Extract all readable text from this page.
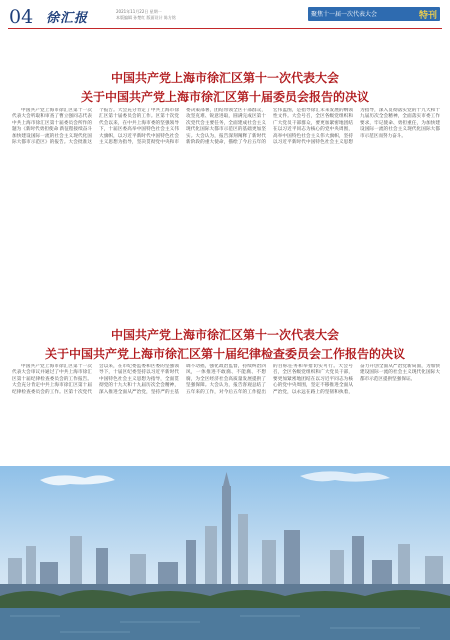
04 徐汇报	2021年11月22日 星期一
本版编辑 孙楚红 版面设计 陈方铭	聚焦十一届一次代表大会	特刊
中国共产党上海市徐汇区第十一次代表大会
关于中国共产党上海市徐汇区第十届委员会报告的决议

中国共产党上海市徐汇区第十一次代表大会听取和审查了曹立强同志代表中共上海市徐汇区第十届委员会所作的题为《新时代勇担使命 新征程接续奋斗 加快建设国际一流的社会主义现代化国际大都市示范区》的报告。大会批准这个报告。大会充分肯定了中共上海市徐汇区第十届委员会的工作。区第十次党代会以来，在中共上海市委的坚强领导下，十届区委高举中国特色社会主义伟大旗帜，以习近平新时代中国特色社会主义思想为指导，坚决贯彻党中央和市委决策部署，团结带领全区干部群众，攻坚克难、锐意进取，圆满完成区第十次党代会主要任务，全面建成社会主义现代化国际大都市示范区的基础更加坚实。大会认为，报告深刻阐释了新时代新阶段的重大使命，描绘了今后五年的宏伟蓝图，是指导徐汇未来发展的纲领性文件。大会号召，全区各级党组织和广大党员干部群众，要更加紧密地团结在以习近平同志为核心的党中央周围，高举中国特色社会主义伟大旗帜，坚持以习近平新时代中国特色社会主义思想为指导，深入贯彻落实党的十九大和十九届历次全会精神，全面落实市委工作要求，牢记使命、勇担重任，为加快建设国际一流的社会主义现代化国际大都市示范区而努力奋斗。

中国共产党上海市徐汇区第十一次代表大会
关于中国共产党上海市徐汇区第十届纪律检查委员会工作报告的决议

中国共产党上海市徐汇区第十一次代表大会审议并通过了中共上海市徐汇区第十届纪律检查委员会的工作报告。大会充分肯定中共上海市徐汇区第十届纪律检查委员会的工作。区第十次党代会以来，在市纪委监委和区委的坚强领导下，十届区纪委坚持以习近平新时代中国特色社会主义思想为指导，全面贯彻党的十九大和十九届历次全会精神，深入推进全面从严治党，坚持严的主基调不动摇，强化政治监督，持续纠治四风，一体推进不敢腐、不能腐、不想腐，为全区经济社会高质量发展提供了坚强保障。大会认为，报告客观总结了五年来的工作，对今后五年的工作提出的目标任务和举措切实可行。大会号召，全区各级党组织和广大党员干部，要更加紧密地团结在以习近平同志为核心的党中央周围，坚定不移推进全面从严治党，以永远在路上的坚韧和执着，奋力开创全面从严治党新局面，为加快建设国际一流的社会主义现代化国际大都市示范区提供坚强保证。
